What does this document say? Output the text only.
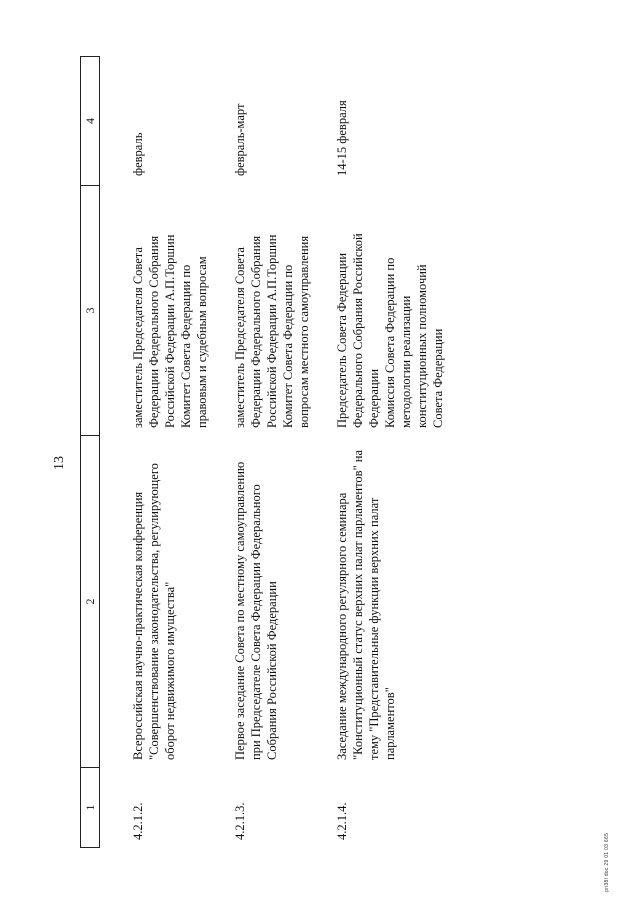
13
1
2
3
4
4.2.1.2.
Всероссийская научно-практическая конференция "Совершенствование законодательства, регулирующего оборот недвижимого имущества"
заместитель Председателя Совета Федерации Федерального Собрания Российской Федерации А.П.Торшин Комитет Совета Федерации по правовым и судебным вопросам
февраль
4.2.1.3.
Первое заседание Совета по местному самоуправлению при Председателе Совета Федерации Федерального Собрания Российской Федерации
заместитель Председателя Совета Федерации Федерального Собрания Российской Федерации А.П.Торшин Комитет Совета Федерации по вопросам местного самоуправления
февраль-март
4.2.1.4.
Заседание международного регулярного семинара "Конституционный статус верхних палат парламентов" на тему "Представительные функции верхних палат парламентов"
Председатель Совета Федерации Федерального Собрания Российской Федерации Комиссия Совета Федерации по методологии реализации конституционных полномочий Совета Федерации
14-15 февраля
pri38l doc 29 01 03 665
